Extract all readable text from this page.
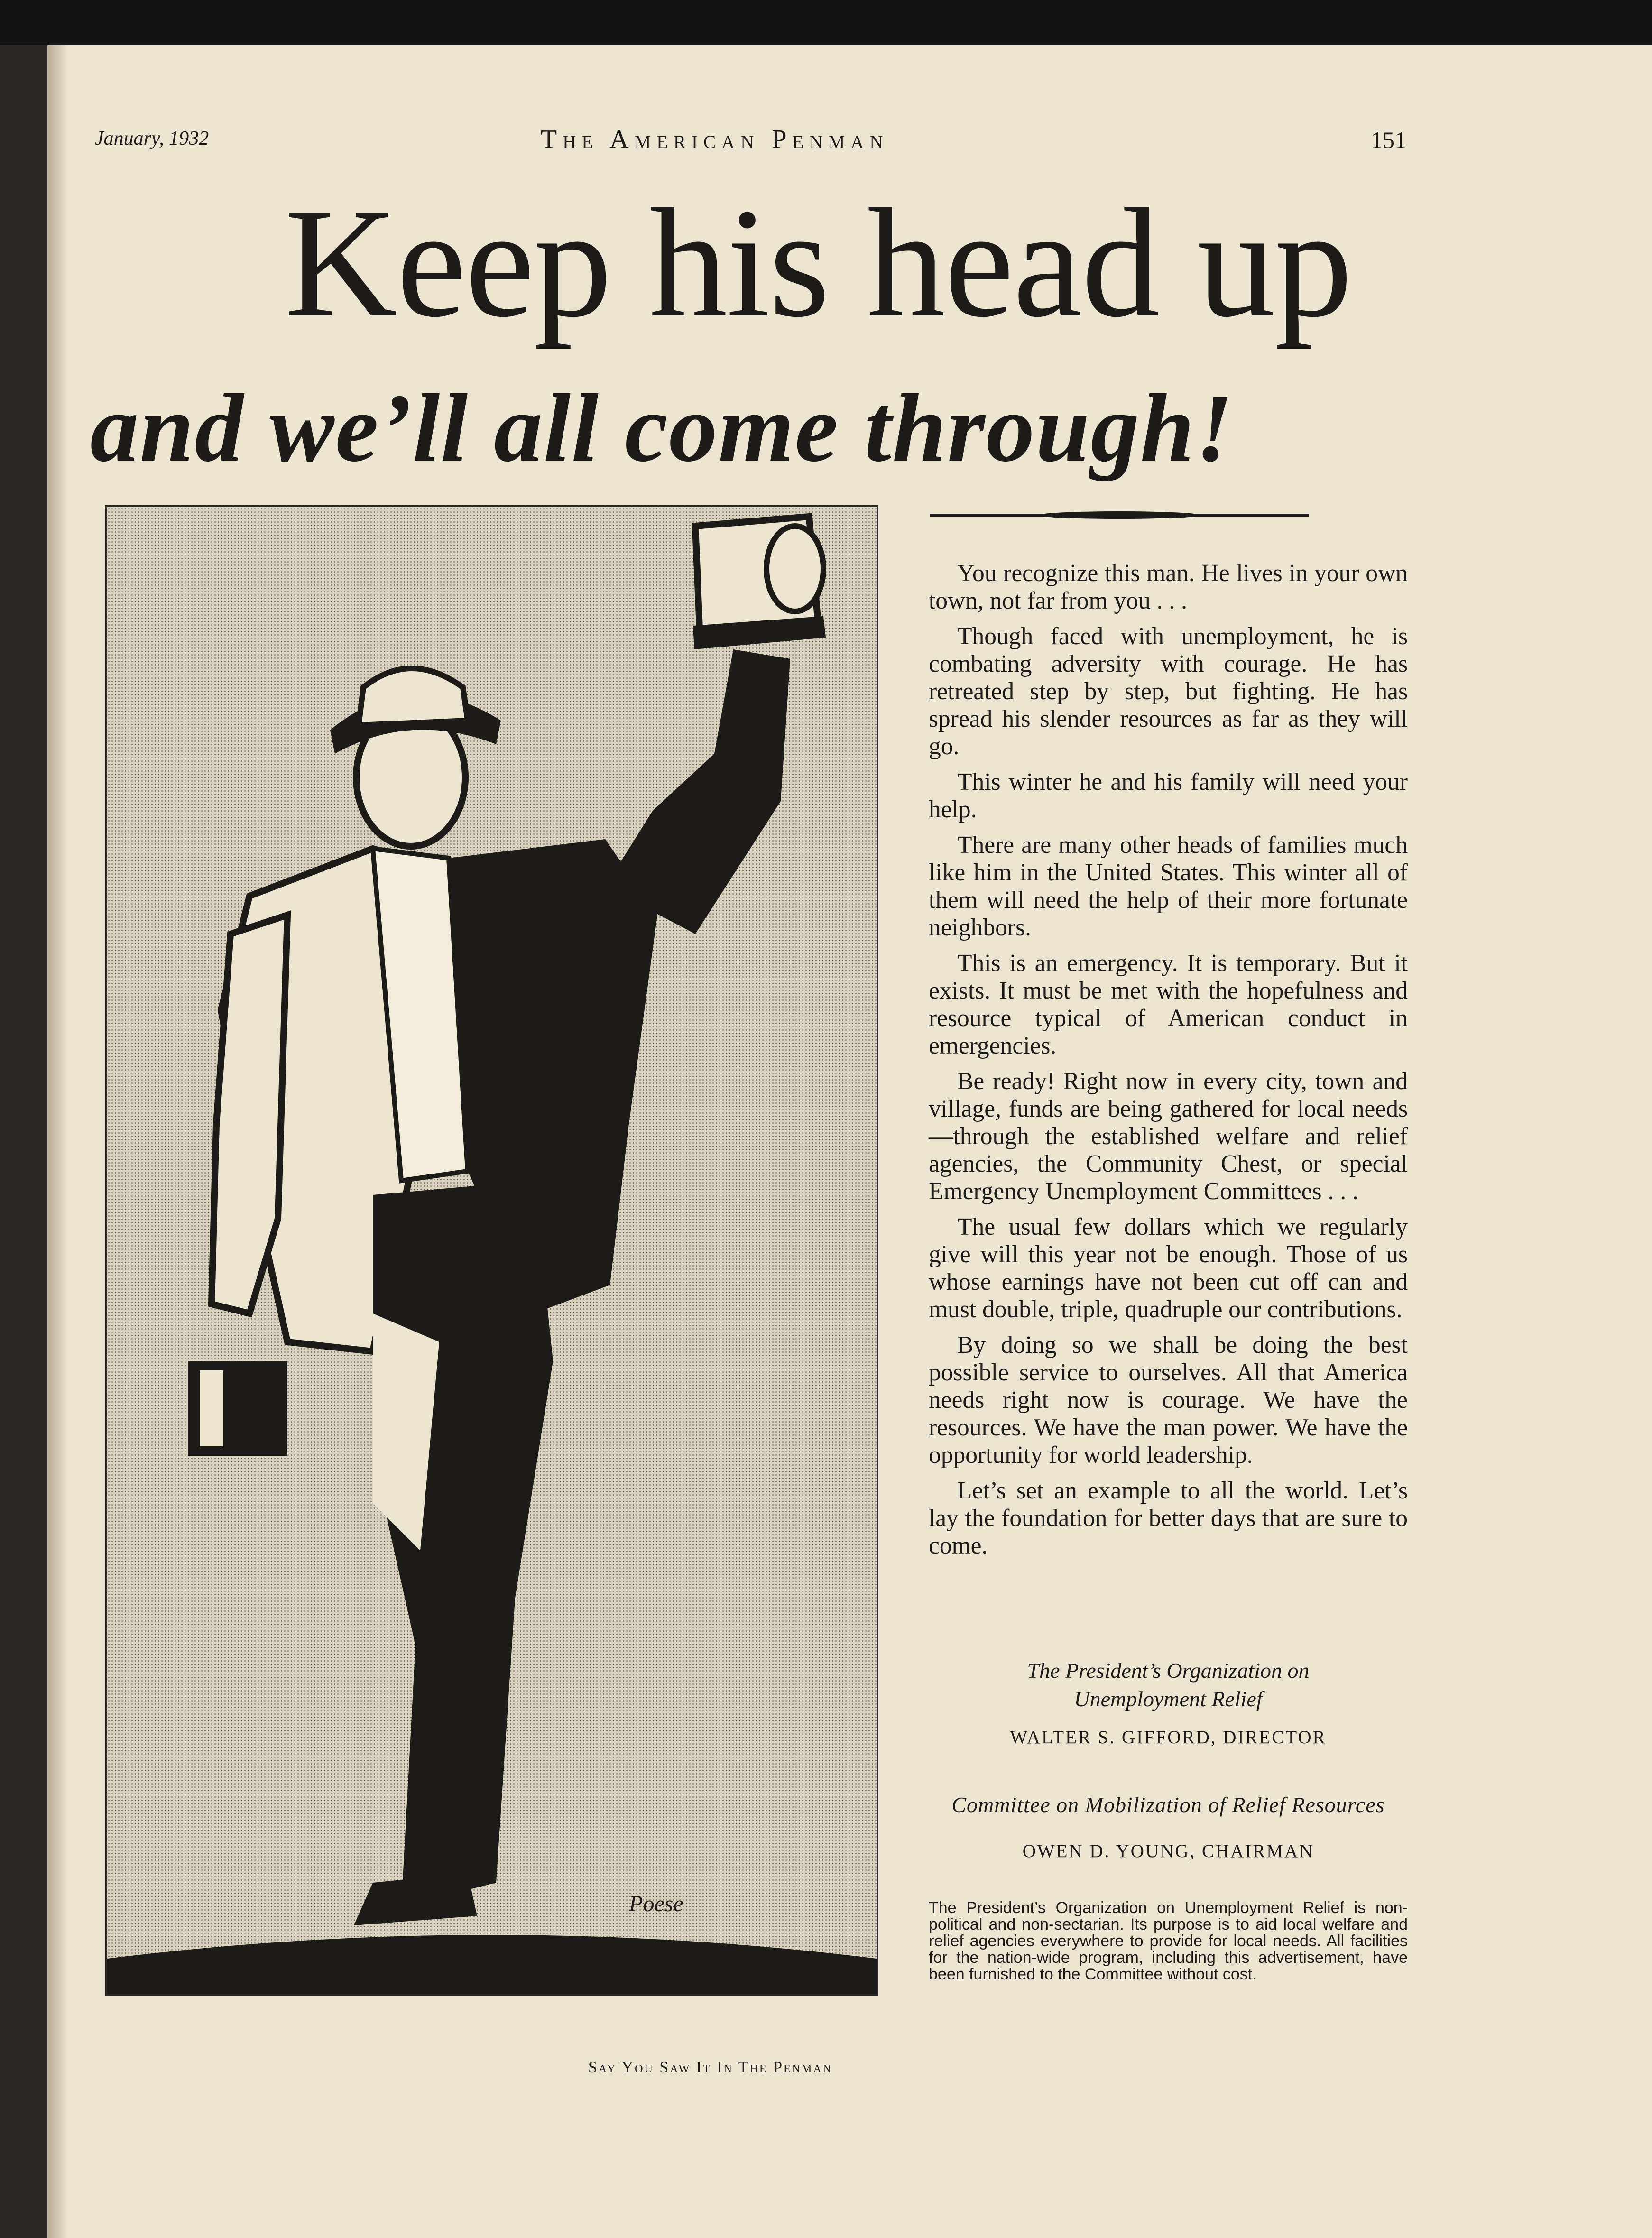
January, 1932	The American Penman	151
Keep his head up
and we’ll all come through!
Poese

You recognize this man. He lives in your own town, not far from you . . .

Though faced with unemployment, he is combating adversity with courage. He has retreated step by step, but fighting. He has spread his slender resources as far as they will go.

This winter he and his family will need your help.

There are many other heads of families much like him in the United States. This winter all of them will need the help of their more fortunate neighbors.

This is an emergency. It is temporary. But it exists. It must be met with the hopefulness and resource typical of American conduct in emergencies.

Be ready! Right now in every city, town and village, funds are being gathered for local needs—through the established welfare and relief agencies, the Community Chest, or special Emergency Unemployment Committees . . .

The usual few dollars which we regularly give will this year not be enough. Those of us whose earnings have not been cut off can and must double, triple, quadruple our contributions.

By doing so we shall be doing the best possible service to ourselves. All that America needs right now is courage. We have the resources. We have the man power. We have the opportunity for world leadership.

Let’s set an example to all the world. Let’s lay the foundation for better days that are sure to come.

The President’s Organization on
Unemployment Relief
WALTER S. GIFFORD, DIRECTOR
Committee on Mobilization of Relief Resources
OWEN D. YOUNG, CHAIRMAN
The President’s Organization on Unemployment Relief is non-political and non-sectarian. Its purpose is to aid local welfare and relief agencies everywhere to provide for local needs. All facilities for the nation-wide program, including this advertisement, have been furnished to the Committee without cost.
Say You Saw It In The Penman
